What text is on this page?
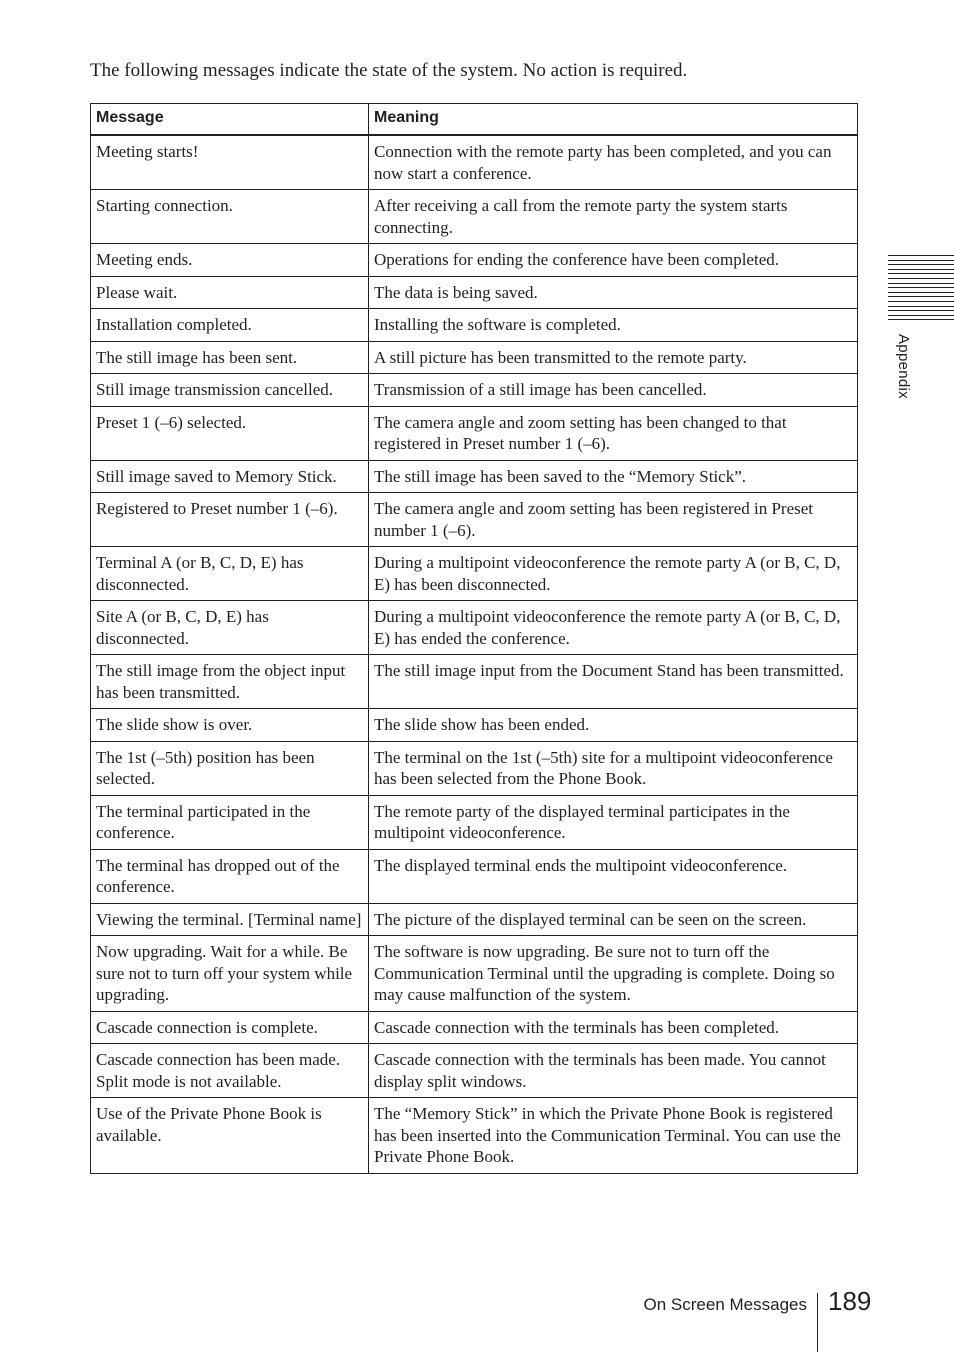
The following messages indicate the state of the system. No action is required.
Message	Meaning
Meeting starts!	Connection with the remote party has been completed, and you can now start a conference.
Starting connection.	After receiving a call from the remote party the system starts connecting.
Meeting ends.	Operations for ending the conference have been completed.
Please wait.	The data is being saved.
Installation completed.	Installing the software is completed.
The still image has been sent.	A still picture has been transmitted to the remote party.
Still image transmission cancelled.	Transmission of a still image has been cancelled.
Preset 1 (–6) selected.	The camera angle and zoom setting has been changed to that registered in Preset number 1 (–6).
Still image saved to Memory Stick.	The still image has been saved to the “Memory Stick”.
Registered to Preset number 1 (–6).	The camera angle and zoom setting has been registered in Preset number 1 (–6).
Terminal A (or B, C, D, E) has disconnected.	During a multipoint videoconference the remote party A (or B, C, D, E) has been disconnected.
Site A (or B, C, D, E) has disconnected.	During a multipoint videoconference the remote party A (or B, C, D, E) has ended the conference.
The still image from the object input has been transmitted.	The still image input from the Document Stand has been transmitted.
The slide show is over.	The slide show has been ended.
The 1st (–5th) position has been selected.	The terminal on the 1st (–5th) site for a multipoint videoconference has been selected from the Phone Book.
The terminal participated in the conference.	The remote party of the displayed terminal participates in the multipoint videoconference.
The terminal has dropped out of the conference.	The displayed terminal ends the multipoint videoconference.
Viewing the terminal. [Terminal name]	The picture of the displayed terminal can be seen on the screen.
Now upgrading. Wait for a while. Be sure not to turn off your system while upgrading.	The software is now upgrading. Be sure not to turn off the Communication Terminal until the upgrading is complete. Doing so may cause malfunction of the system.
Cascade connection is complete.	Cascade connection with the terminals has been completed.
Cascade connection has been made. Split mode is not available.	Cascade connection with the terminals has been made. You cannot display split windows.
Use of the Private Phone Book is available.	The “Memory Stick” in which the Private Phone Book is registered has been inserted into the Communication Terminal. You can use the Private Phone Book.
Appendix
On Screen Messages 189
